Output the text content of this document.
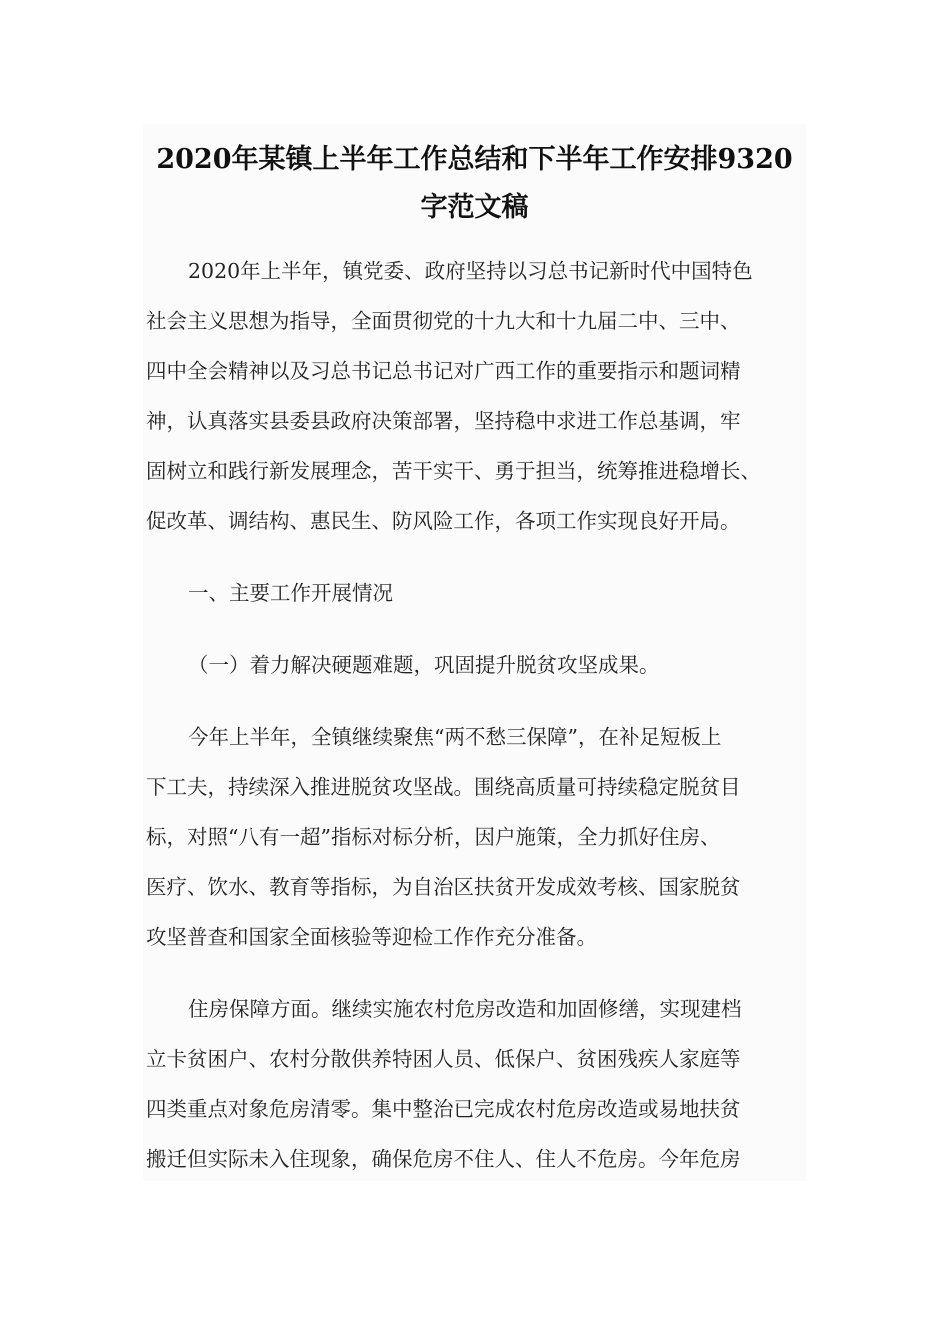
2020年某镇上半年工作总结和下半年工作安排9320
字范文稿

2020年上半年，镇党委、政府坚持以习总书记新时代中国特色
社会主义思想为指导，全面贯彻党的十九大和十九届二中、三中、
四中全会精神以及习总书记总书记对广西工作的重要指示和题词精
神，认真落实县委县政府决策部署，坚持稳中求进工作总基调，牢
固树立和践行新发展理念，苦干实干、勇于担当，统筹推进稳增长、
促改革、调结构、惠民生、防风险工作，各项工作实现良好开局。

一、主要工作开展情况

（一）着力解决硬题难题，巩固提升脱贫攻坚成果。

今年上半年，全镇继续聚焦“两不愁三保障”，在补足短板上
下工夫，持续深入推进脱贫攻坚战。围绕高质量可持续稳定脱贫目
标，对照“八有一超”指标对标分析，因户施策，全力抓好住房、
医疗、饮水、教育等指标，为自治区扶贫开发成效考核、国家脱贫
攻坚普查和国家全面核验等迎检工作作充分准备。

住房保障方面。继续实施农村危房改造和加固修缮，实现建档
立卡贫困户、农村分散供养特困人员、低保户、贫困残疾人家庭等
四类重点对象危房清零。集中整治已完成农村危房改造或易地扶贫
搬迁但实际未入住现象，确保危房不住人、住人不危房。今年危房
